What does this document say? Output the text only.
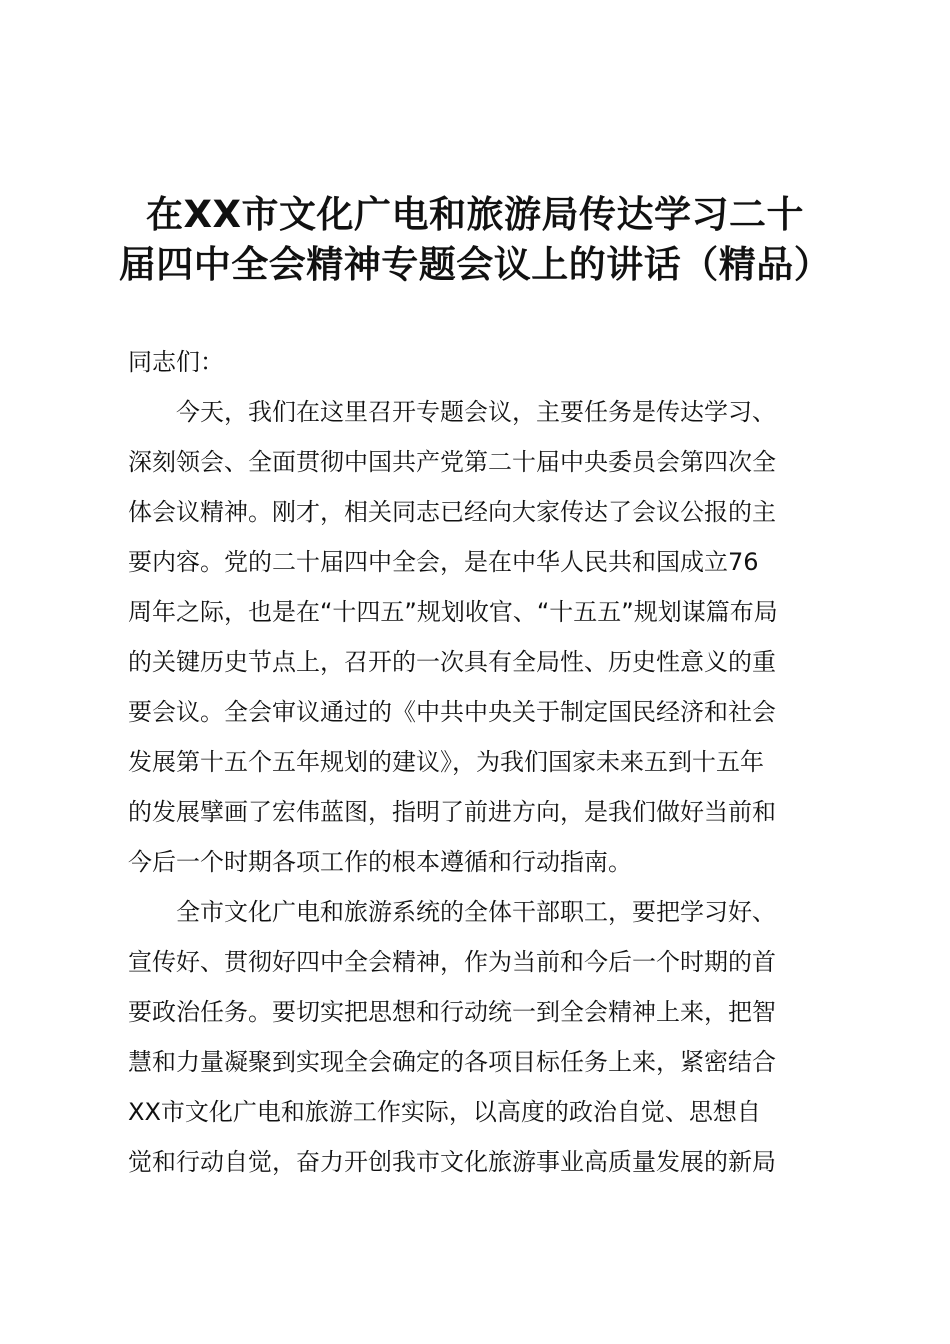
在XX市文化广电和旅游局传达学习二十
届四中全会精神专题会议上的讲话（精品）
同志们：
今天，我们在这里召开专题会议，主要任务是传达学习、
深刻领会、全面贯彻中国共产党第二十届中央委员会第四次全
体会议精神。刚才，相关同志已经向大家传达了会议公报的主
要内容。党的二十届四中全会，是在中华人民共和国成立76
周年之际，也是在“十四五”规划收官、“十五五”规划谋篇布局
的关键历史节点上，召开的一次具有全局性、历史性意义的重
要会议。全会审议通过的《中共中央关于制定国民经济和社会
发展第十五个五年规划的建议》，为我们国家未来五到十五年
的发展擘画了宏伟蓝图，指明了前进方向，是我们做好当前和
今后一个时期各项工作的根本遵循和行动指南。
全市文化广电和旅游系统的全体干部职工，要把学习好、
宣传好、贯彻好四中全会精神，作为当前和今后一个时期的首
要政治任务。要切实把思想和行动统一到全会精神上来，把智
慧和力量凝聚到实现全会确定的各项目标任务上来，紧密结合
XX市文化广电和旅游工作实际，以高度的政治自觉、思想自
觉和行动自觉，奋力开创我市文化旅游事业高质量发展的新局
